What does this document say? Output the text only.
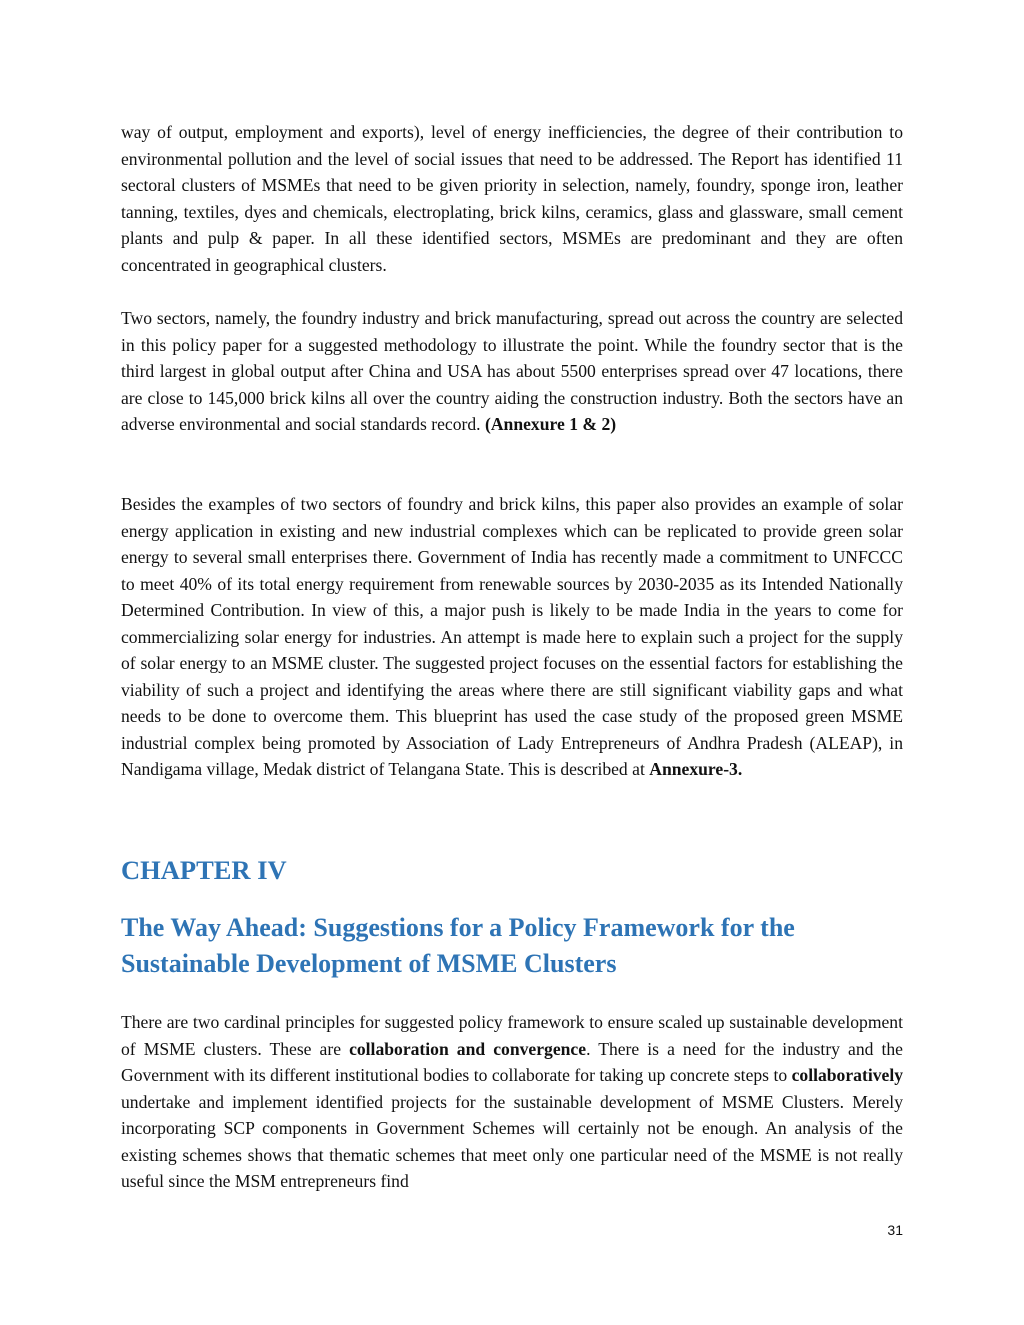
way of output, employment and exports), level of energy inefficiencies, the degree of their contribution to environmental pollution and the level of social issues that need to be addressed. The Report has identified 11 sectoral clusters of MSMEs that need to be given priority in selection, namely, foundry, sponge iron, leather tanning, textiles, dyes and chemicals, electroplating, brick kilns, ceramics, glass and glassware, small cement plants and pulp & paper. In all these identified sectors, MSMEs are predominant and they are often concentrated in geographical clusters.

Two sectors, namely, the foundry industry and brick manufacturing, spread out across the country are selected in this policy paper for a suggested methodology to illustrate the point. While the foundry sector that is the third largest in global output after China and USA has about 5500 enterprises spread over 47 locations, there are close to 145,000 brick kilns all over the country aiding the construction industry. Both the sectors have an adverse environmental and social standards record. (Annexure 1 & 2)

Besides the examples of two sectors of foundry and brick kilns, this paper also provides an example of solar energy application in existing and new industrial complexes which can be replicated to provide green solar energy to several small enterprises there. Government of India has recently made a commitment to UNFCCC to meet 40% of its total energy requirement from renewable sources by 2030-2035 as its Intended Nationally Determined Contribution. In view of this, a major push is likely to be made India in the years to come for commercializing solar energy for industries. An attempt is made here to explain such a project for the supply of solar energy to an MSME cluster. The suggested project focuses on the essential factors for establishing the viability of such a project and identifying the areas where there are still significant viability gaps and what needs to be done to overcome them. This blueprint has used the case study of the proposed green MSME industrial complex being promoted by Association of Lady Entrepreneurs of Andhra Pradesh (ALEAP), in Nandigama village, Medak district of Telangana State. This is described at Annexure-3.

CHAPTER IV
The Way Ahead: Suggestions for a Policy Framework for the Sustainable Development of MSME Clusters

There are two cardinal principles for suggested policy framework to ensure scaled up sustainable development of MSME clusters. These are collaboration and convergence. There is a need for the industry and the Government with its different institutional bodies to collaborate for taking up concrete steps to collaboratively undertake and implement identified projects for the sustainable development of MSME Clusters. Merely incorporating SCP components in Government Schemes will certainly not be enough. An analysis of the existing schemes shows that thematic schemes that meet only one particular need of the MSME is not really useful since the MSM entrepreneurs find

31
